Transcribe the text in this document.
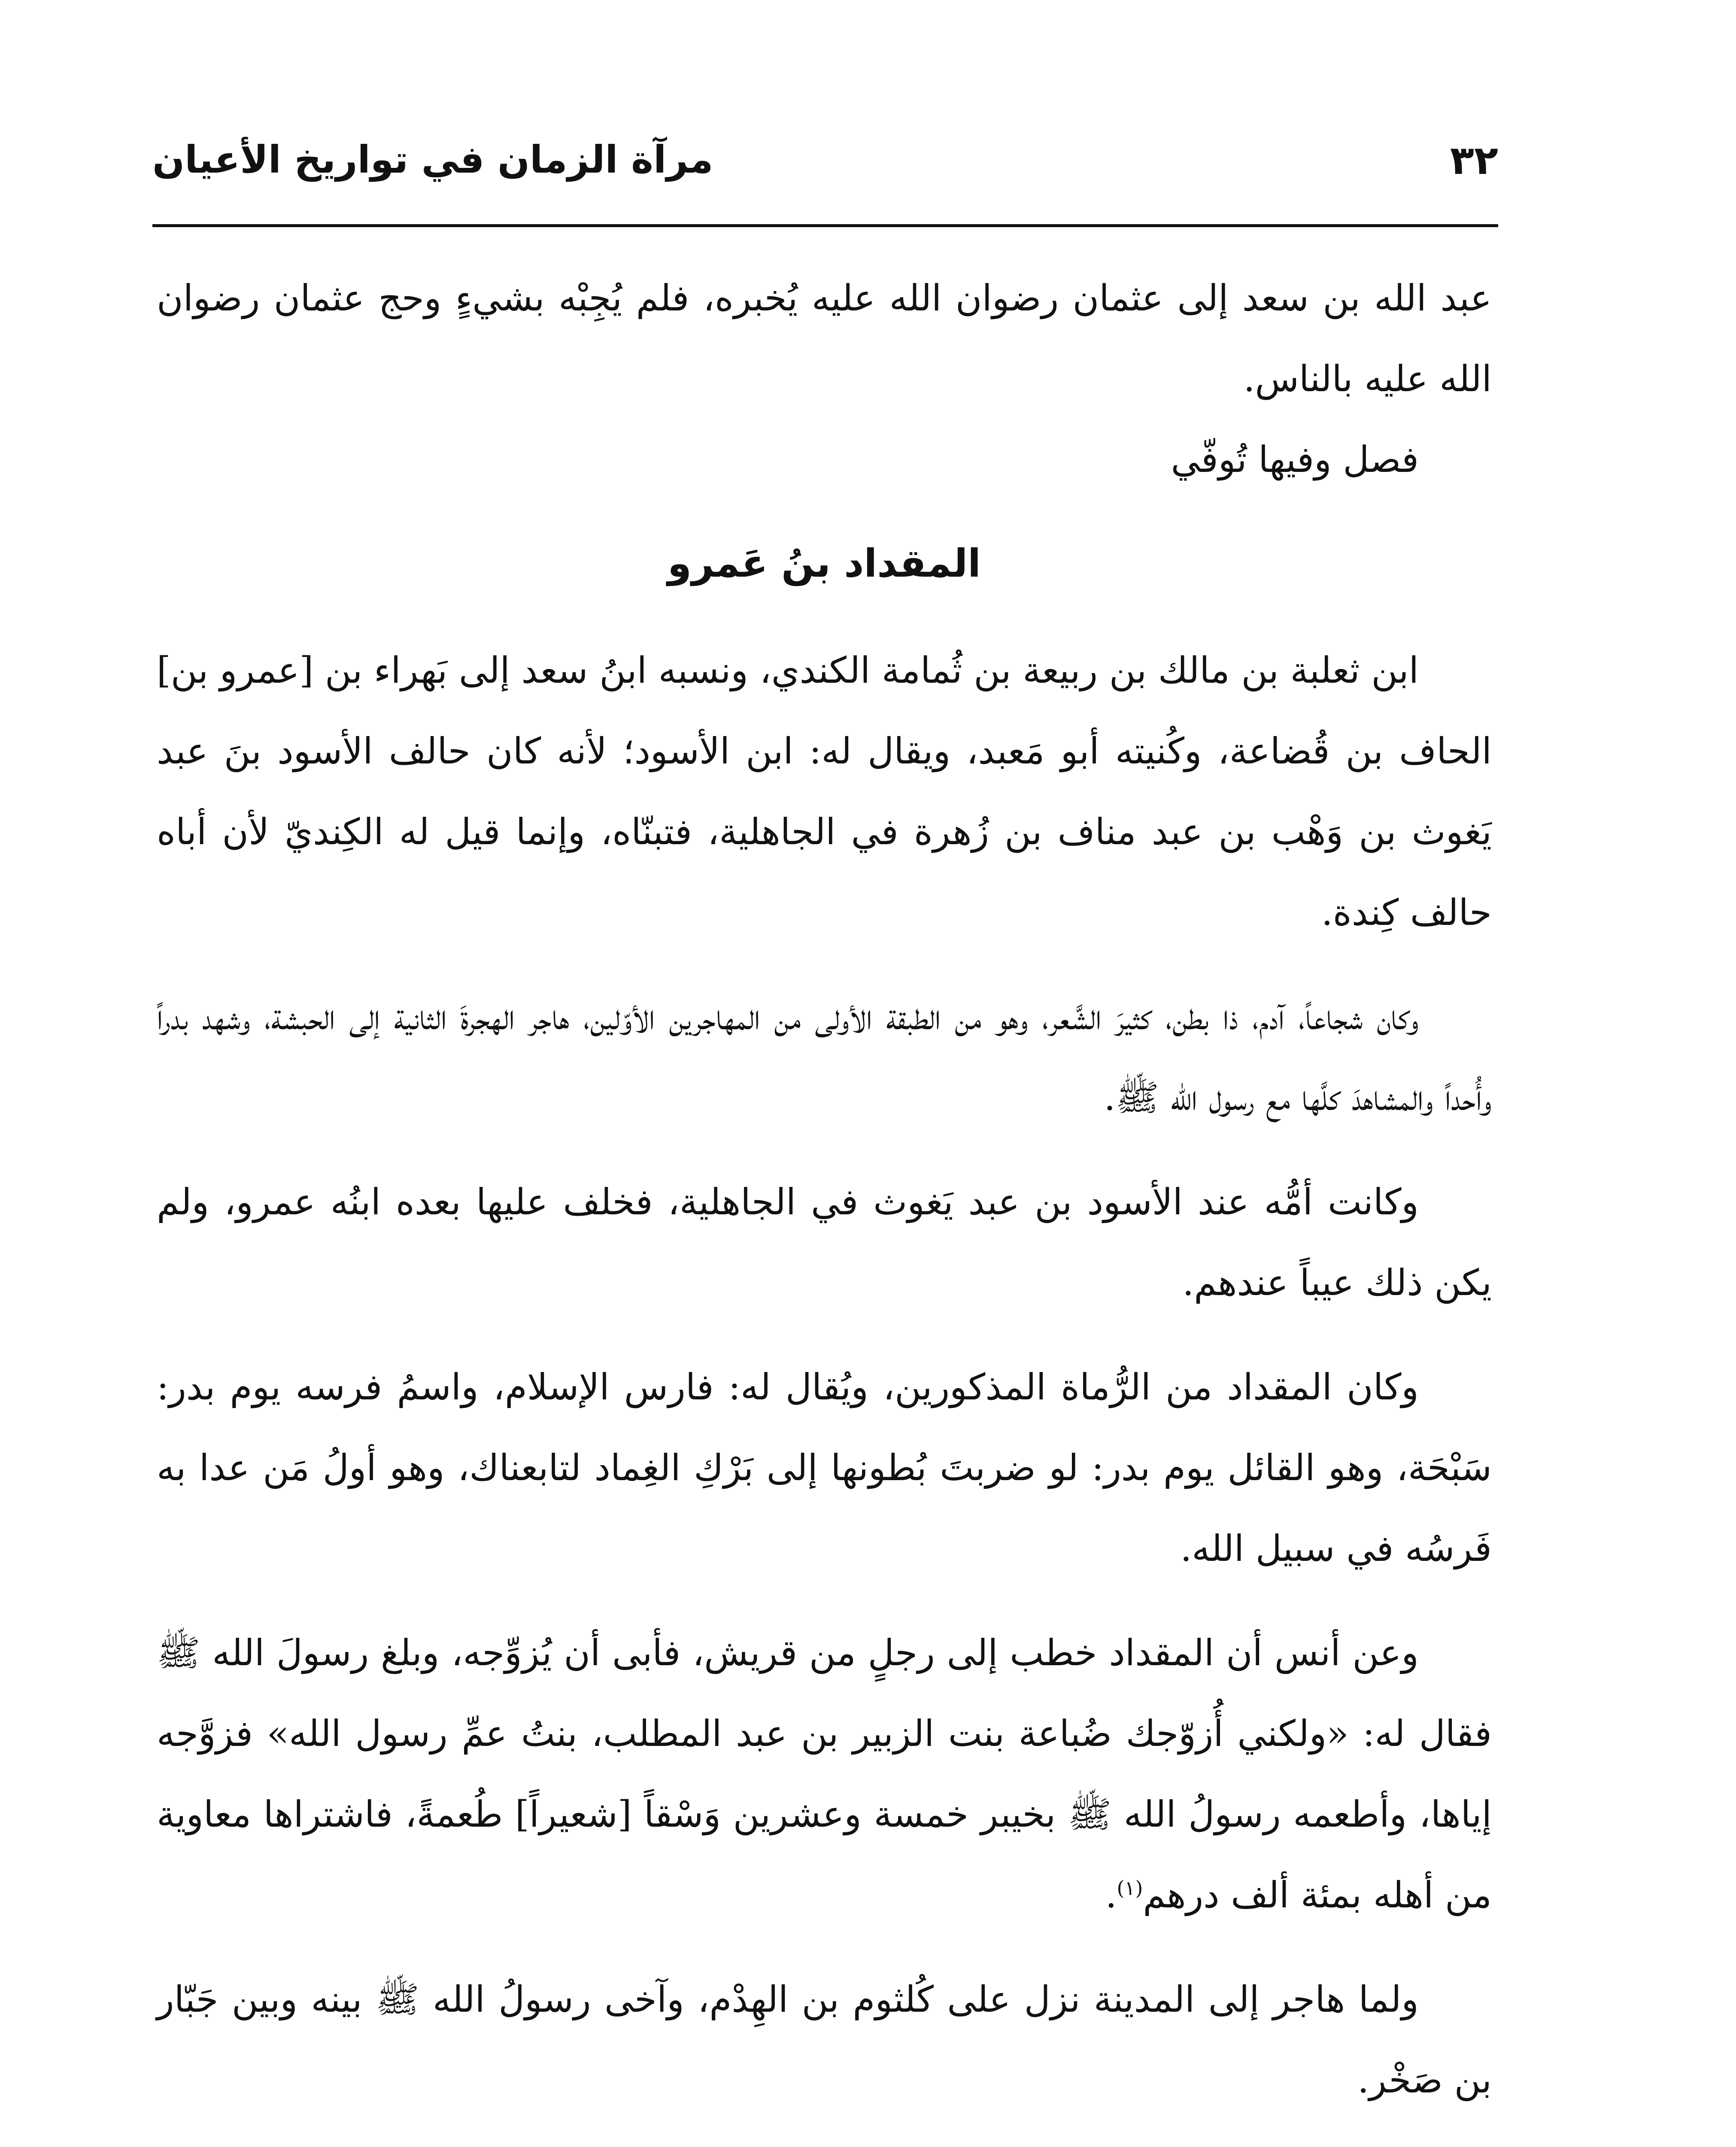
٣٢
مرآة الزمان في تواريخ الأعيان

عبد الله بن سعد إلى عثمان رضوان الله عليه يُخبره، فلم يُجِبْه بشيءٍ وحج عثمان رضوان الله عليه بالناس.

فصل وفيها تُوفّي

المقداد بنُ عَمرو

ابن ثعلبة بن مالك بن ربيعة بن ثُمامة الكندي، ونسبه ابنُ سعد إلى بَهراء بن [عمرو بن] الحاف بن قُضاعة، وكُنيته أبو مَعبد، ويقال له: ابن الأسود؛ لأنه كان حالف الأسود بنَ عبد يَغوث بن وَهْب بن عبد مناف بن زُهرة في الجاهلية، فتبنّاه، وإنما قيل له الكِنديّ لأن أباه حالف كِندة.

وكان شجاعاً، آدم، ذا بطن، كثيرَ الشَّعر، وهو من الطبقة الأولى من المهاجرين الأوّلين، هاجر الهجرةَ الثانية إلى الحبشة، وشهد بدراً وأُحداً والمشاهدَ كلَّها مع رسول الله ﷺ.

وكانت أمُّه عند الأسود بن عبد يَغوث في الجاهلية، فخلف عليها بعده ابنُه عمرو، ولم يكن ذلك عيباً عندهم.

وكان المقداد من الرُّماة المذكورين، ويُقال له: فارس الإسلام، واسمُ فرسه يوم بدر: سَبْحَة، وهو القائل يوم بدر: لو ضربتَ بُطونها إلى بَرْكِ الغِماد لتابعناك، وهو أولُ مَن عدا به فَرسُه في سبيل الله.

وعن أنس أن المقداد خطب إلى رجلٍ من قريش، فأبى أن يُزوِّجه، وبلغ رسولَ الله ﷺ فقال له: «ولكني أُزوّجك ضُباعة بنت الزبير بن عبد المطلب، بنتُ عمِّ رسول الله» فزوَّجه إياها، وأطعمه رسولُ الله ﷺ بخيبر خمسة وعشرين وَسْقاً [شعيراً] طُعمةً، فاشتراها معاوية من أهله بمئة ألف درهم$^{(١)}$.

ولما هاجر إلى المدينة نزل على كُلثوم بن الهِدْم، وآخى رسولُ الله ﷺ بينه وبين جَبّار بن صَخْر.
